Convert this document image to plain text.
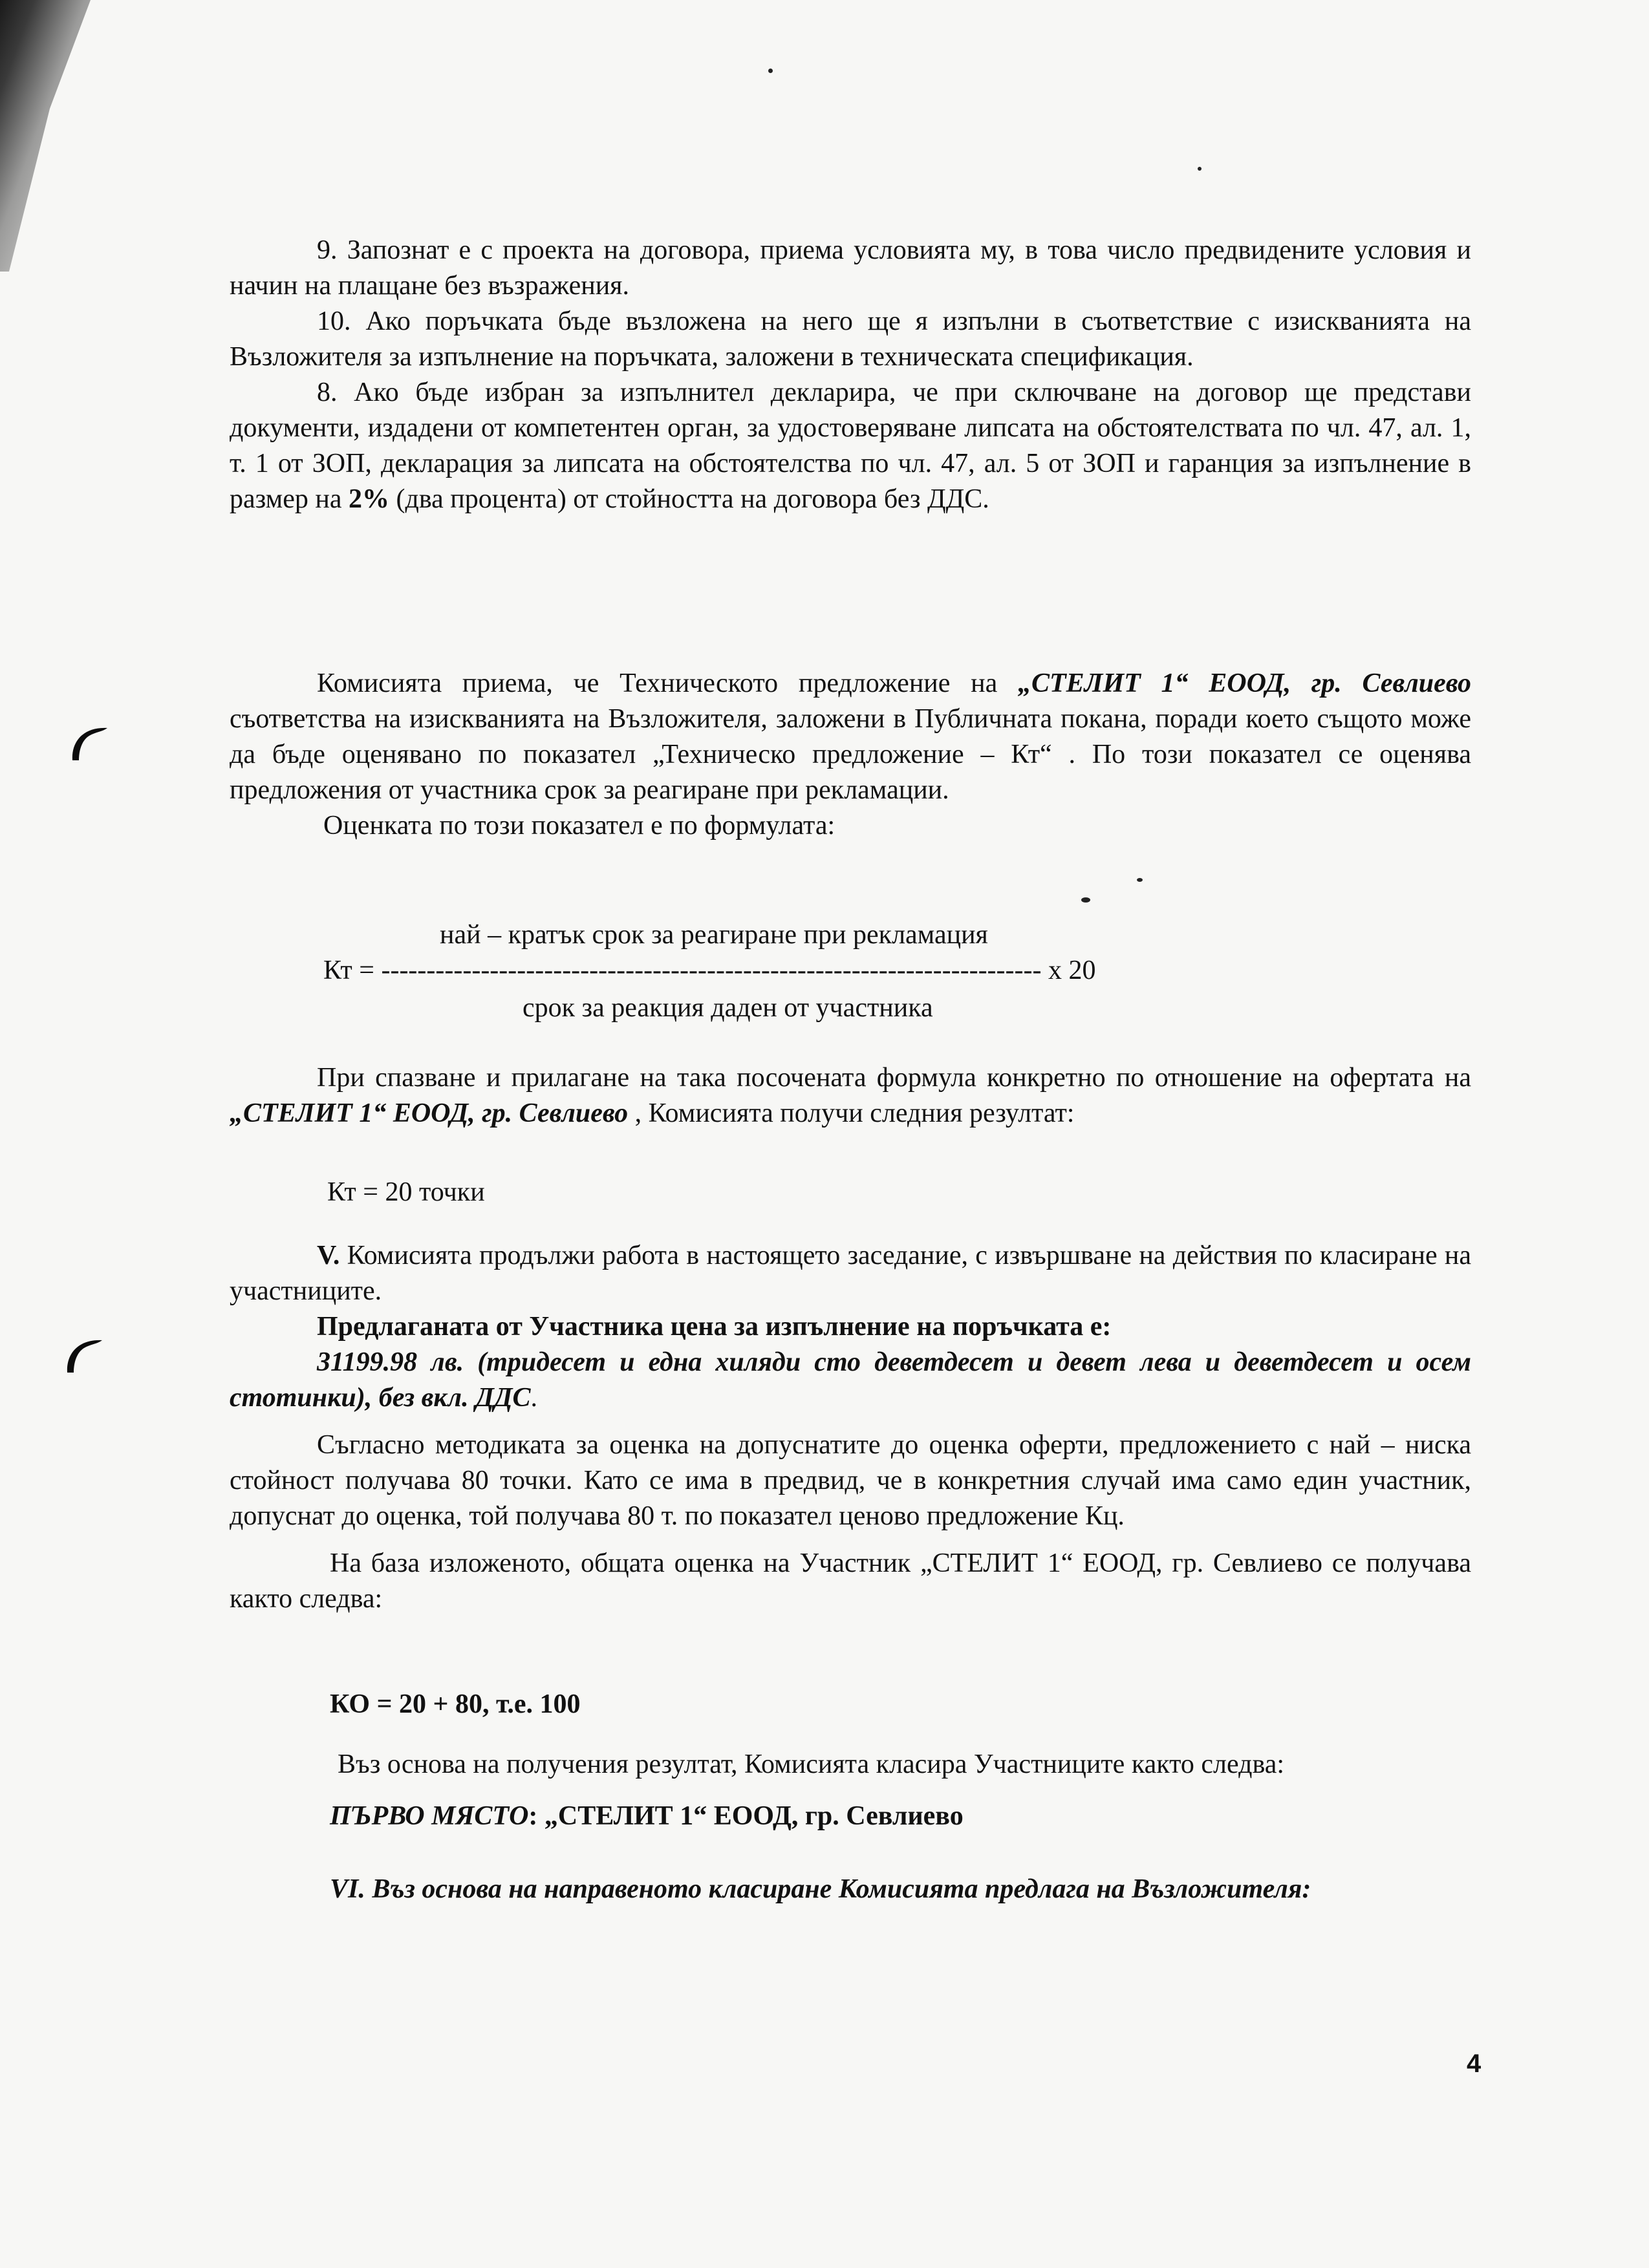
9. Запознат е с проекта на договора, приема условията му, в това число предвидените условия и начин на плащане без възражения.

10. Ако поръчката бъде възложена на него ще я изпълни в съответствие с изискванията на Възложителя за изпълнение на поръчката, заложени в техническата спецификация.

8. Ако бъде избран за изпълнител декларира, че при сключване на договор ще представи документи, издадени от компетентен орган, за удостоверяване липсата на обстоятелствата по чл. 47, ал. 1, т. 1 от ЗОП, декларация за липсата на обстоятелства по чл. 47, ал. 5 от ЗОП и гаранция за изпълнение в размер на 2% (два процента) от стойността на договора без ДДС.

Комисията приема, че Техническото предложение на „СТЕЛИТ 1“ ЕООД, гр. Севлиево съответства на изискванията на Възложителя, заложени в Публичната покана, поради което същото може да бъде оценявано по показател „Техническо предложение – Кт“ . По този показател се оценява предложения от участника срок за реагиране при рекламации.

Оценката по този показател е по формулата:

най – кратък срок за реагиране при рекламация
Кт = ------------------------------------------------------------------------- х 20
срок за реакция даден от участника

При спазване и прилагане на така посочената формула конкретно по отношение на офертата на „СТЕЛИТ 1“ ЕООД, гр. Севлиево , Комисията получи следния резултат:

Кт = 20 точки

V. Комисията продължи работа в настоящето заседание, с извършване на действия по класиране на участниците.

Предлаганата от Участника цена за изпълнение на поръчката е:

31199.98 лв. (тридесет и една хиляди сто деветдесет и девет лева и деветдесет и осем стотинки), без вкл. ДДС.

Съгласно методиката за оценка на допуснатите до оценка оферти, предложението с най – ниска стойност получава 80 точки. Като се има в предвид, че в конкретния случай има само един участник, допуснат до оценка, той получава 80 т. по показател ценово предложение Кц.

На база изложеното, общата оценка на Участник „СТЕЛИТ 1“ ЕООД, гр. Севлиево се получава както следва:

КО = 20 + 80, т.е. 100
Въз основа на получения резултат, Комисията класира Участниците както следва:
ПЪРВО МЯСТО: „СТЕЛИТ 1“ ЕООД, гр. Севлиево

VI. Въз основа на направеното класиране Комисията предлага на Възложителя:

4
